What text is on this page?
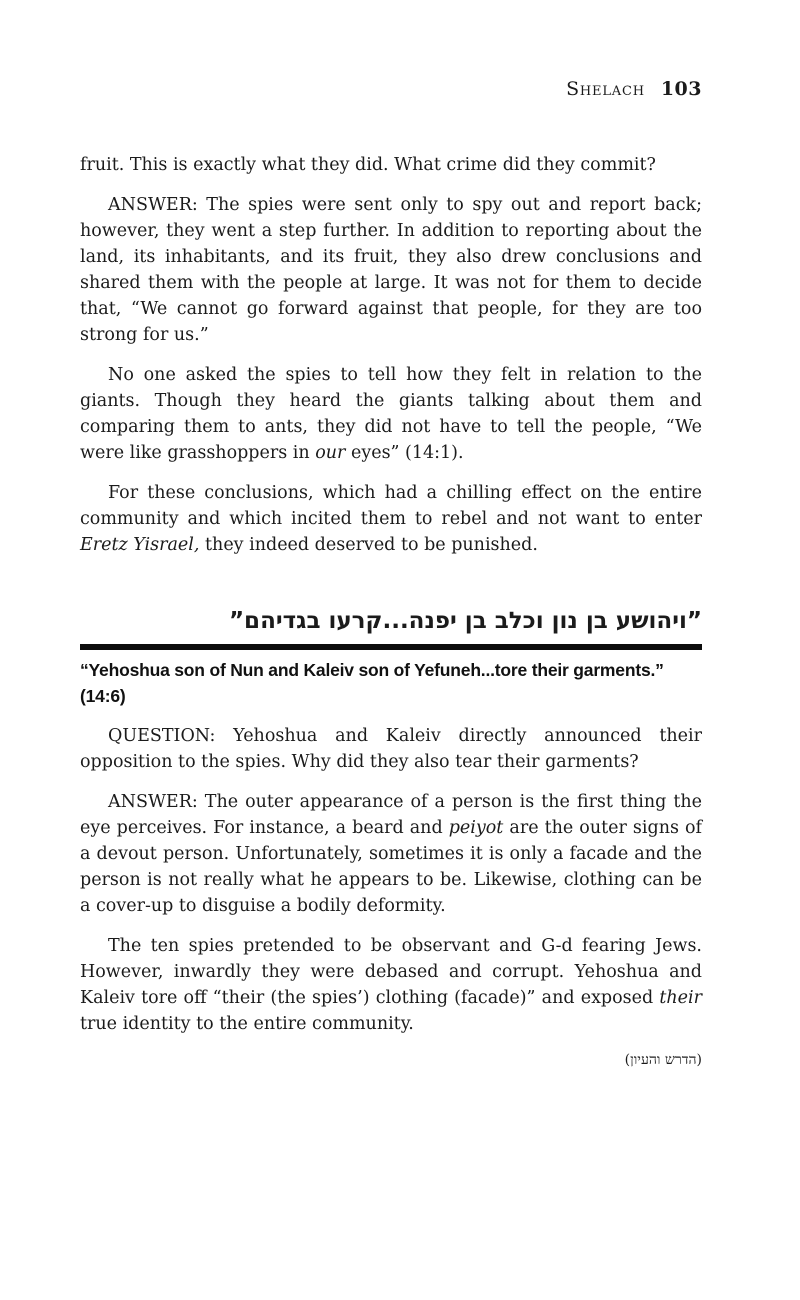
Shelach 103

fruit. This is exactly what they did. What crime did they commit?

ANSWER: The spies were sent only to spy out and report back; however, they went a step further. In addition to reporting about the land, its inhabitants, and its fruit, they also drew conclusions and shared them with the people at large. It was not for them to decide that, “We cannot go forward against that people, for they are too strong for us.”

No one asked the spies to tell how they felt in relation to the giants. Though they heard the giants talking about them and comparing them to ants, they did not have to tell the people, “We were like grasshoppers in our eyes” (14:1).

For these conclusions, which had a chilling effect on the entire community and which incited them to rebel and not want to enter Eretz Yisrael, they indeed deserved to be punished.

”ויהושע בן נון וכלב בן יפנה...קרעו בגדיהם”
“Yehoshua son of Nun and Kaleiv son of Yefuneh...tore their garments.” (14:6)

QUESTION: Yehoshua and Kaleiv directly announced their opposition to the spies. Why did they also tear their garments?

ANSWER: The outer appearance of a person is the first thing the eye perceives. For instance, a beard and peiyot are the outer signs of a devout person. Unfortunately, sometimes it is only a facade and the person is not really what he appears to be. Likewise, clothing can be a cover-up to disguise a bodily deformity.

The ten spies pretended to be observant and G-d fearing Jews. However, inwardly they were debased and corrupt. Yehoshua and Kaleiv tore off “their (the spies’) clothing (facade)” and exposed their true identity to the entire community.

(הדרש והעיון)
